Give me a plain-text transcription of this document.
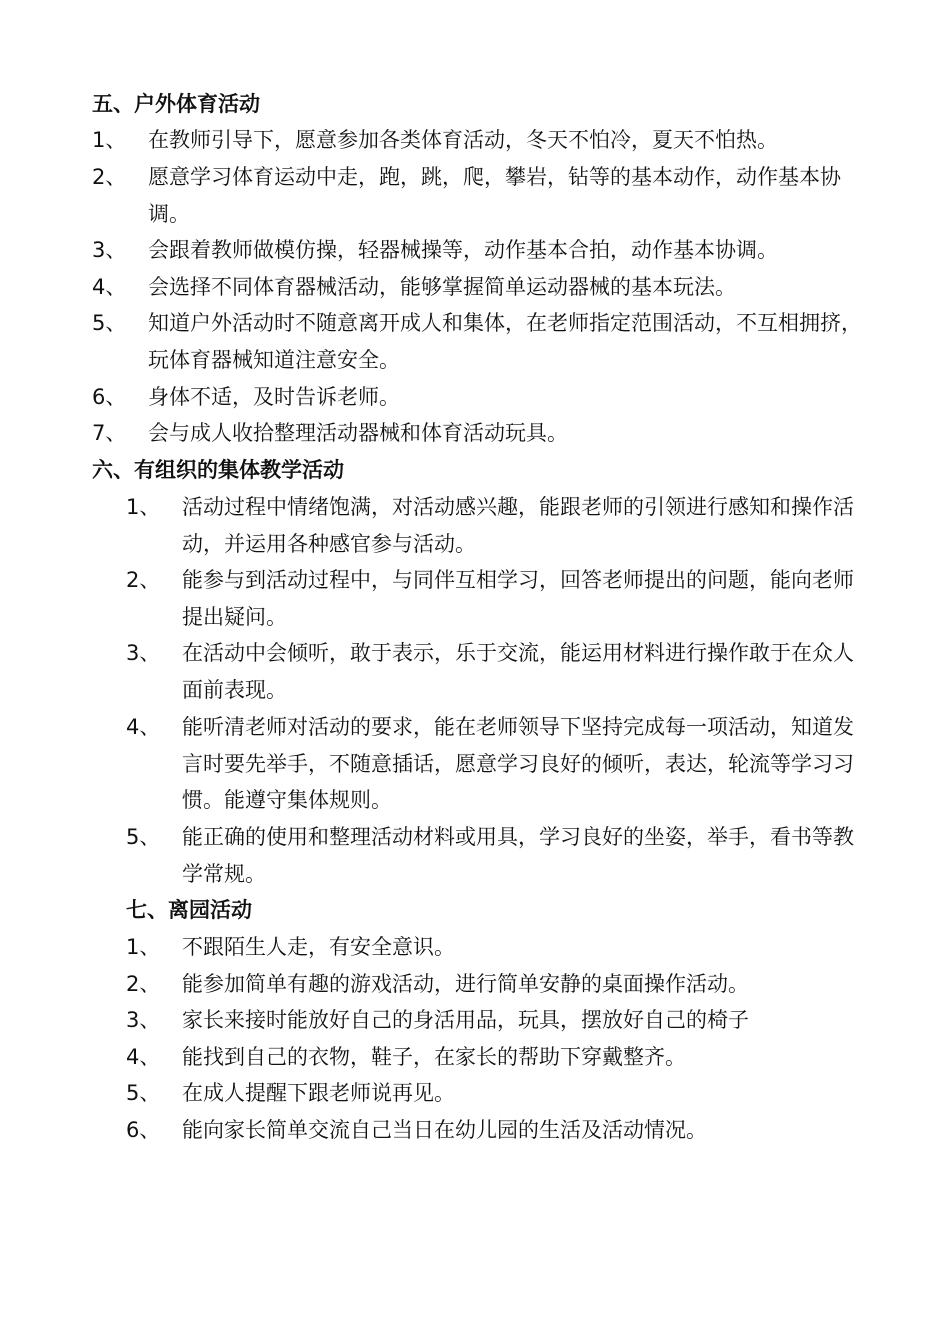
五、户外体育活动
1、 在教师引导下，愿意参加各类体育活动，冬天不怕冷，夏天不怕热。
2、 愿意学习体育运动中走，跑，跳，爬，攀岩，钻等的基本动作，动作基本协调。
3、 会跟着教师做模仿操，轻器械操等，动作基本合拍，动作基本协调。
4、 会选择不同体育器械活动，能够掌握简单运动器械的基本玩法。
5、 知道户外活动时不随意离开成人和集体，在老师指定范围活动，不互相拥挤，玩体育器械知道注意安全。
6、 身体不适，及时告诉老师。
7、 会与成人收拾整理活动器械和体育活动玩具。
六、有组织的集体教学活动
1、 活动过程中情绪饱满，对活动感兴趣，能跟老师的引领进行感知和操作活动，并运用各种感官参与活动。
2、 能参与到活动过程中，与同伴互相学习，回答老师提出的问题，能向老师提出疑问。
3、 在活动中会倾听，敢于表示，乐于交流，能运用材料进行操作敢于在众人面前表现。
4、 能听清老师对活动的要求，能在老师领导下坚持完成每一项活动，知道发言时要先举手，不随意插话，愿意学习良好的倾听，表达，轮流等学习习惯。能遵守集体规则。
5、 能正确的使用和整理活动材料或用具，学习良好的坐姿，举手，看书等教学常规。
七、离园活动
1、 不跟陌生人走，有安全意识。
2、 能参加简单有趣的游戏活动，进行简单安静的桌面操作活动。
3、 家长来接时能放好自己的身活用品，玩具，摆放好自己的椅子
4、 能找到自己的衣物，鞋子，在家长的帮助下穿戴整齐。
5、 在成人提醒下跟老师说再见。
6、 能向家长简单交流自己当日在幼儿园的生活及活动情况。
